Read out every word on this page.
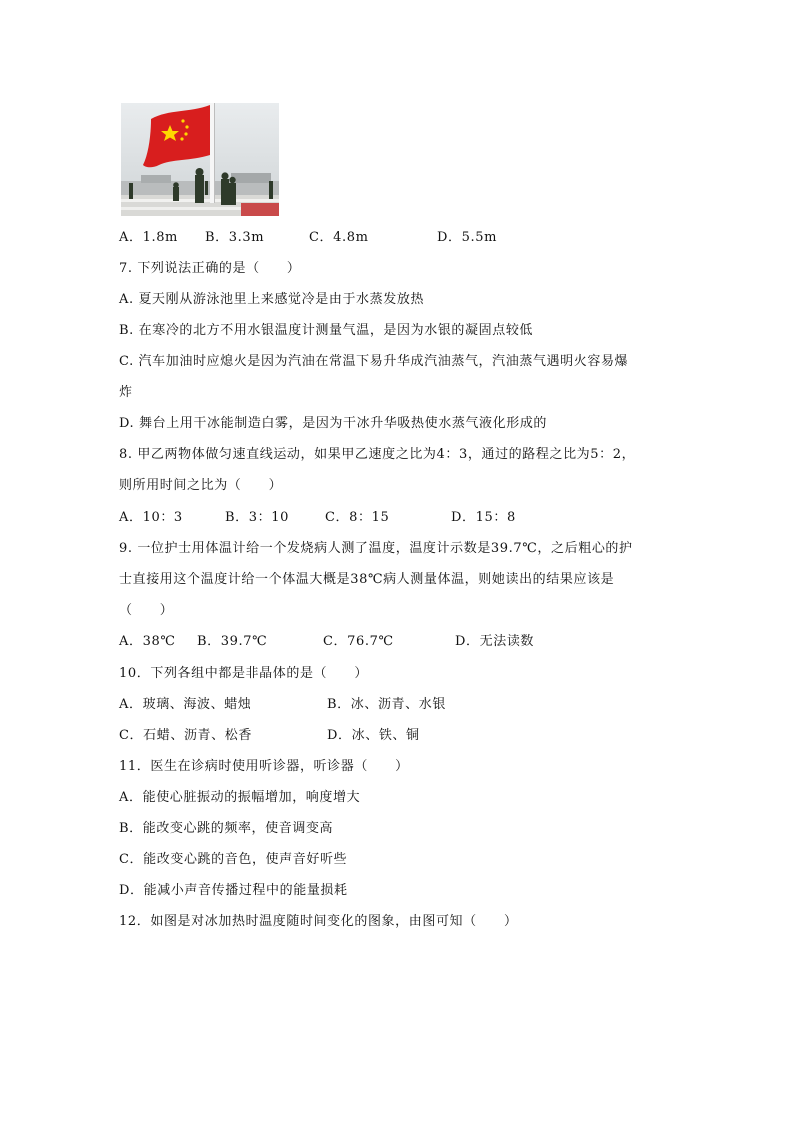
A．1.8m B．3.3m	C．4.8m	D．5.5m
7. 下列说法正确的是（　　）
A. 夏天刚从游泳池里上来感觉冷是由于水蒸发放热
B. 在寒冷的北方不用水银温度计测量气温，是因为水银的凝固点较低
C. 汽车加油时应熄火是因为汽油在常温下易升华成汽油蒸气，汽油蒸气遇明火容易爆
炸
D. 舞台上用干冰能制造白雾，是因为干冰升华吸热使水蒸气液化形成的
8. 甲乙两物体做匀速直线运动，如果甲乙速度之比为4：3，通过的路程之比为5：2，
则所用时间之比为（　　）
A．10：3	B．3：10	C．8：15	D．15：8
9. 一位护士用体温计给一个发烧病人测了温度，温度计示数是39.7℃，之后粗心的护
士直接用这个温度计给一个体温大概是38℃病人测量体温，则她读出的结果应该是
（　　）
A．38℃ B．39.7℃	C．76.7℃	D．无法读数
10．下列各组中都是非晶体的是（　　）
A．玻璃、海波、蜡烛	B．冰、沥青、水银
C．石蜡、沥青、松香	D．冰、铁、铜
11．医生在诊病时使用听诊器，听诊器（　　）
A．能使心脏振动的振幅增加，响度增大
B．能改变心跳的频率，使音调变高
C．能改变心跳的音色，使声音好听些
D．能减小声音传播过程中的能量损耗
12．如图是对冰加热时温度随时间变化的图象，由图可知（　　）
